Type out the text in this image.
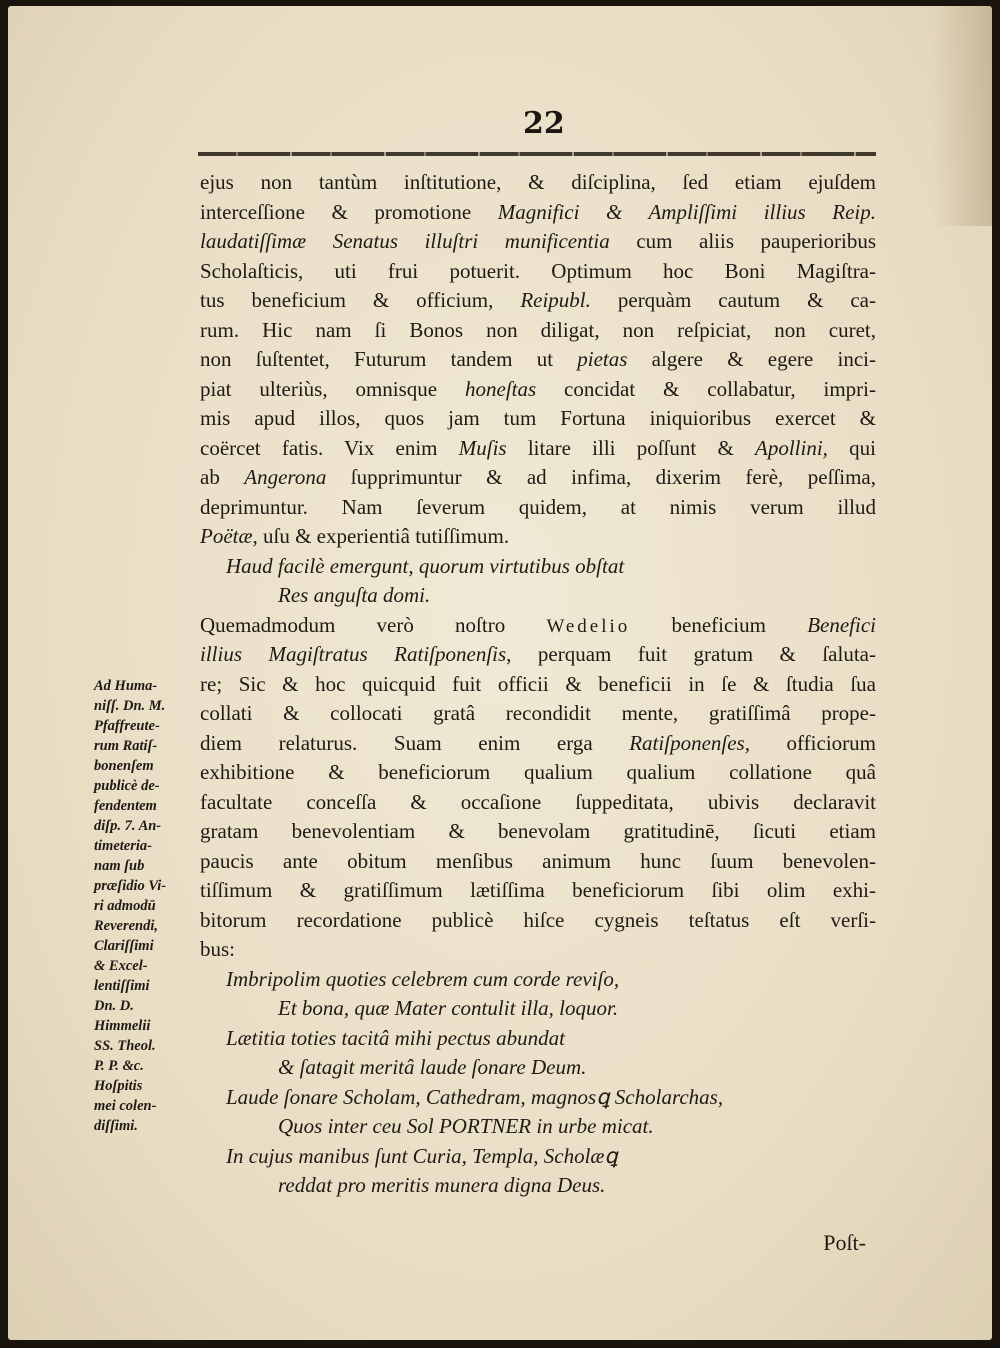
22
ejus non tantùm inſtitutione, & diſciplina, ſed etiam ejuſdem
interceſſione & promotione Magnifici & Ampliſſimi illius Reip.
laudatiſſimæ Senatus illuſtri munificentia cum aliis pauperioribus
Scholaſticis, uti frui potuerit. Optimum hoc Boni Magiſtra-
tus beneficium & officium, Reipubl. perquàm cautum & ca-
rum. Hic nam ſi Bonos non diligat, non reſpiciat, non curet,
non ſuſtentet, Futurum tandem ut pietas algere & egere inci-
piat ulteriùs, omnisque honeſtas concidat & collabatur, impri-
mis apud illos, quos jam tum Fortuna iniquioribus exercet &
coërcet fatis. Vix enim Muſis litare illi poſſunt & Apollini, qui
ab Angerona ſupprimuntur & ad infima, dixerim ferè, peſſima,
deprimuntur. Nam ſeverum quidem, at nimis verum illud
Poëtæ, uſu & experientiâ tutiſſimum.
Haud facilè emergunt, quorum virtutibus obſtat
Res anguſta domi.
Quemadmodum verò noſtro Wedelio beneficium Benefici
illius Magiſtratus Ratiſponenſis, perquam fuit gratum & ſaluta-
re; Sic & hoc quicquid fuit officii & beneficii in ſe & ſtudia ſua
collati & collocati gratâ recondidit mente, gratiſſimâ prope-
diem relaturus. Suam enim erga Ratiſponenſes, officiorum
exhibitione & beneficiorum qualium qualium collatione quâ
facultate conceſſa & occaſione ſuppeditata, ubivis declaravit
gratam benevolentiam & benevolam gratitudinē, ſicuti etiam
paucis ante obitum menſibus animum hunc ſuum benevolen-
tiſſimum & gratiſſimum lætiſſima beneficiorum ſibi olim exhi-
bitorum recordatione publicè hiſce cygneis teſtatus eſt verſi-
bus:
Imbripolim quoties celebrem cum corde reviſo,
Et bona, quæ Mater contulit illa, loquor.
Lætitia toties tacitâ mihi pectus abundat
& ſatagit meritâ laude ſonare Deum.
Laude ſonare Scholam, Cathedram, magnosꝗ Scholarchas,
Quos inter ceu Sol PORTNER in urbe micat.
In cujus manibus ſunt Curia, Templa, Scholæꝗ
reddat pro meritis munera digna Deus.
Ad Huma-
niſſ. Dn. M.
Pfaffreute-
rum Ratiſ-
bonenſem
publicè de-
fendentem
diſp. 7. An-
timeteria-
nam ſub
præſidio Vi-
ri admodū
Reverendi,
Clariſſimi
& Excel-
lentiſſimi
Dn. D.
Himmelii
SS. Theol.
P. P. &c.
Hoſpitis
mei colen-
diſſimi.
Poſt-
